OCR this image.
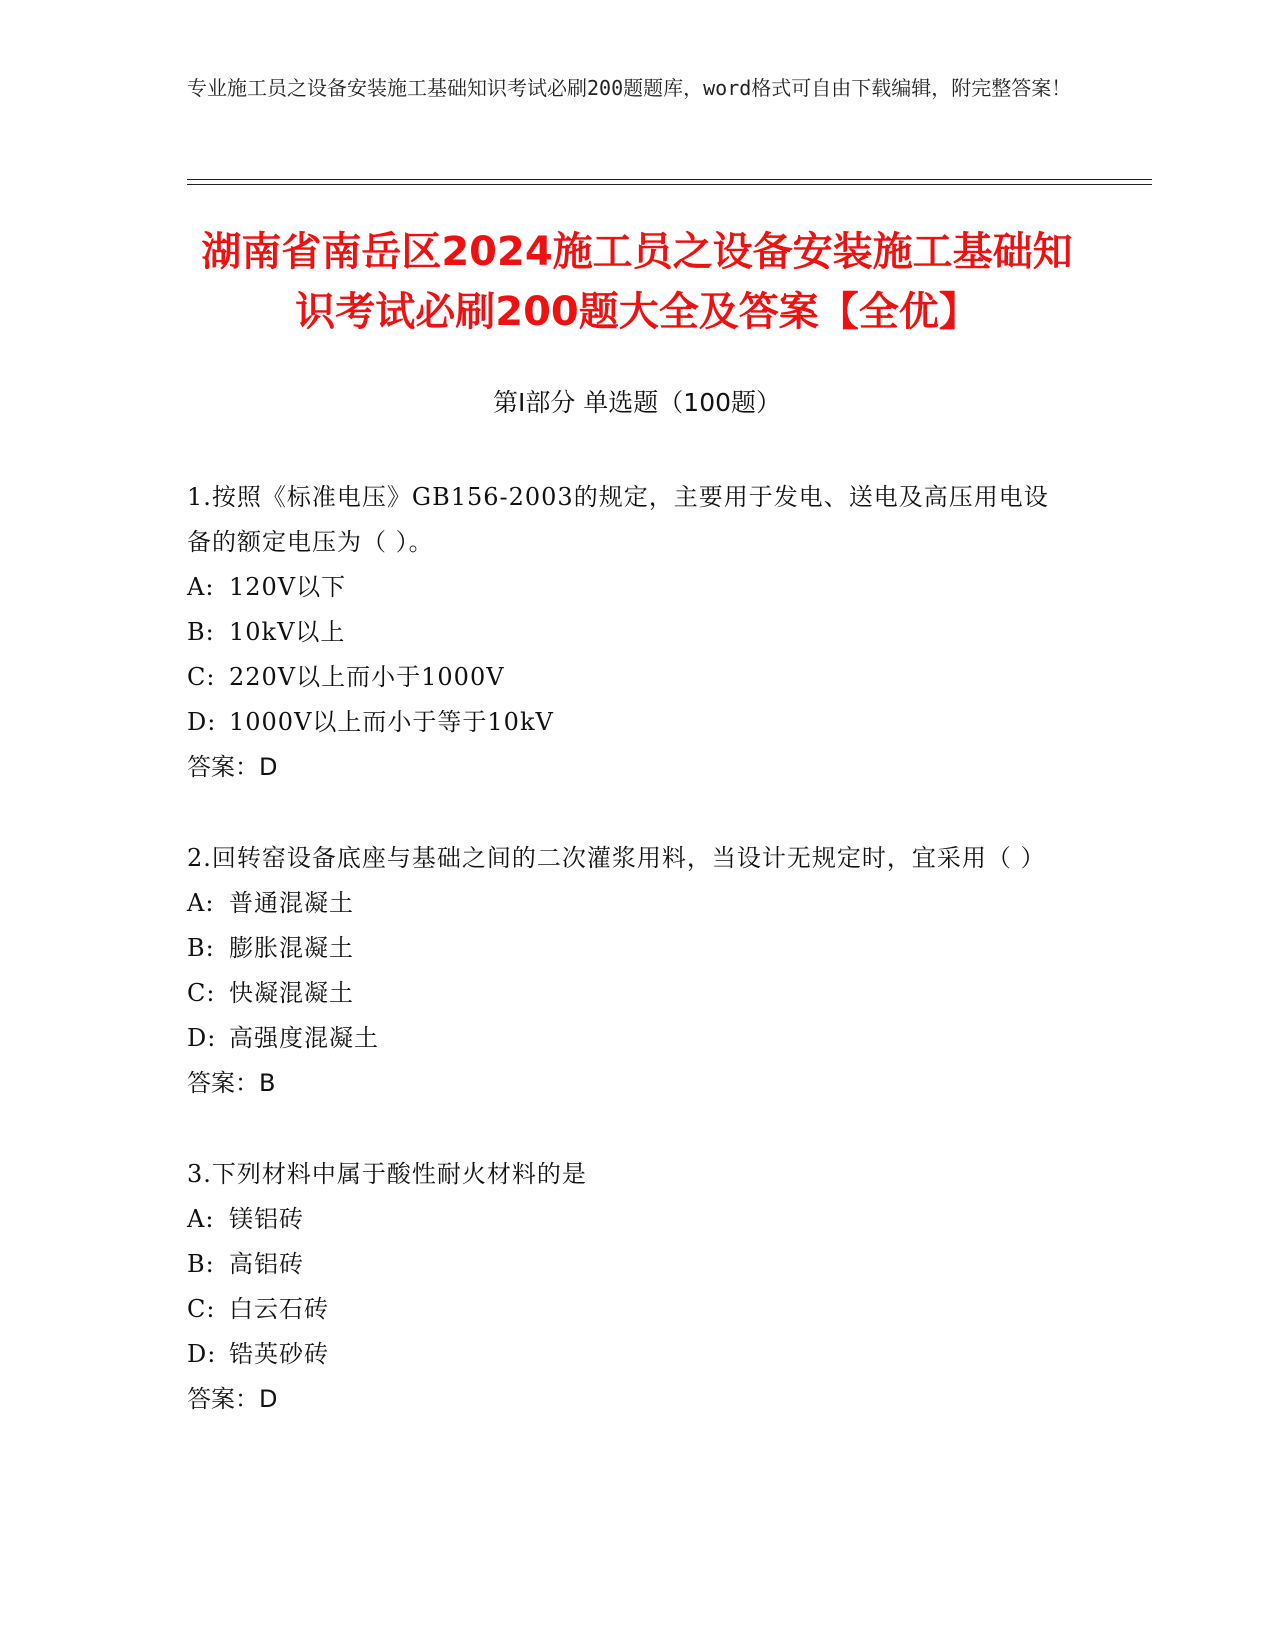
专业施工员之设备安装施工基础知识考试必刷200题题库，word格式可自由下载编辑，附完整答案！

湖南省南岳区2024施工员之设备安装施工基础知识考试必刷200题大全及答案【全优】
第Ⅰ部分 单选题（100题）

1.按照《标准电压》GB156-2003的规定，主要用于发电、送电及高压用电设备的额定电压为（ ）。

A: 120V以下

B: 10kV以上

C: 220V以上而小于1000V

D: 1000V以上而小于等于10kV

答案：D

2.回转窑设备底座与基础之间的二次灌浆用料，当设计无规定时，宜采用（ ）

A: 普通混凝土

B: 膨胀混凝土

C: 快凝混凝土

D: 高强度混凝土

答案：B

3.下列材料中属于酸性耐火材料的是

A: 镁铝砖

B: 高铝砖

C: 白云石砖

D: 锆英砂砖

答案：D
